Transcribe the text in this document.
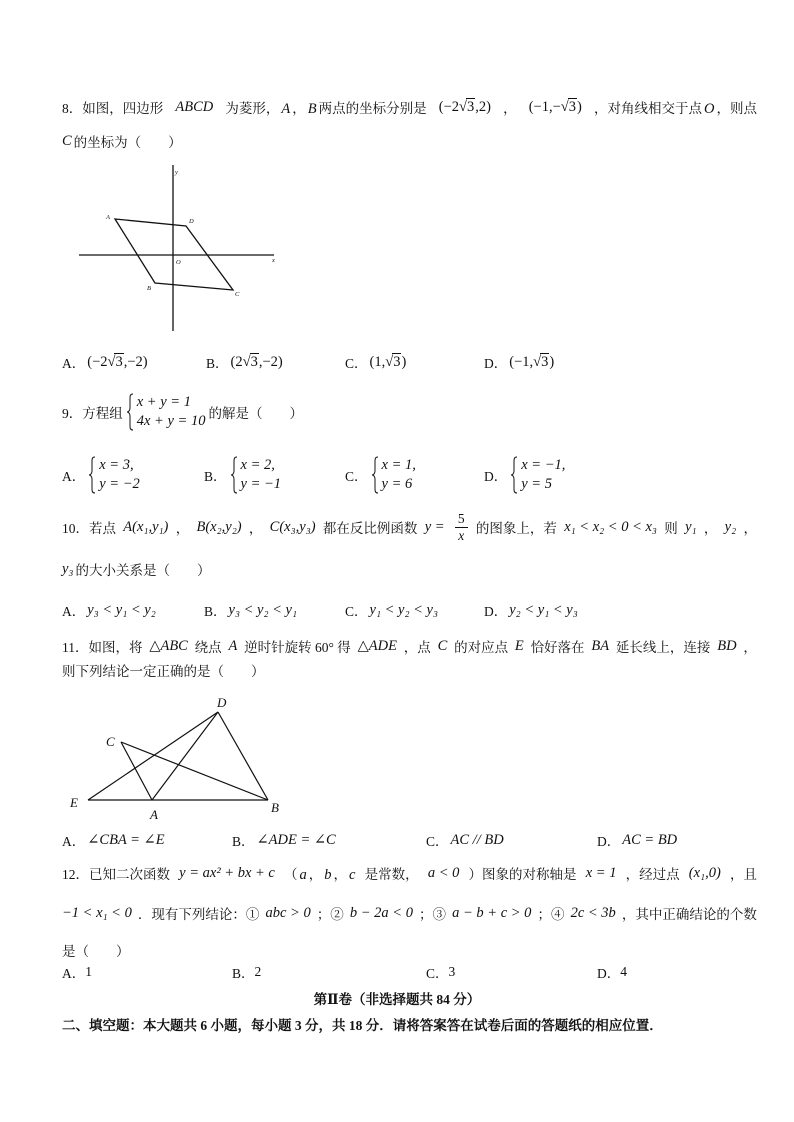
8．如图，四边形 ABCD 为菱形， A ， B 两点的坐标分别是 (−2√3,2) ， (−1,−√3) ，对角线相交于点 O ，则点
C 的坐标为（　　）
y
x
A
D
O
B
C
A． (−2√3,−2)	B． (2√3,−2)	C． (1,√3)	D． (−1,√3)
9．方程组
x + y = 1
4x + y = 10 的解是（　　）
A．
x = 3,
y = −2	B．
x = 2,
y = −1	C．
x = 1,
y = 6	D．
x = −1,
y = 5
10．若点 A(x₁,y₁) ， B(x₂,y₂) ， C(x₃,y₃) 都在反比例函数 $y = \frac{5}{x}$ 的图象上，若 x₁ < x₂ < 0 < x₃ 则 y₁ ， y₂ ，
y₃ 的大小关系是（　　）
A． y₃ < y₁ < y₂	B． y₃ < y₂ < y₁	C． y₁ < y₂ < y₃	D． y₂ < y₁ < y₃
11．如图，将 △ABC 绕点 A 逆时针旋转 60° 得 △ADE ，点 C 的对应点 E 恰好落在 BA 延长线上，连接 BD ，
则下列结论一定正确的是（　　）
D
C
E
A	B
A． ∠CBA = ∠E	B． ∠ADE = ∠C	C． AC // BD	D． AC = BD
12．已知二次函数 y = ax² + bx + c （ a ， b ， c 是常数， a < 0 ）图象的对称轴是 x = 1 ，经过点 (x₁,0) ，且
−1 < x₁ < 0 ．现有下列结论：① abc > 0 ；② b − 2a < 0 ；③ a − b + c > 0 ；④ 2c < 3b ，其中正确结论的个数
是（　　）
A． 1	B． 2	C． 3	D． 4
第Ⅱ卷（非选择题共 84 分）
二、填空题：本大题共 6 小题，每小题 3 分，共 18 分．请将答案答在试卷后面的答题纸的相应位置．
